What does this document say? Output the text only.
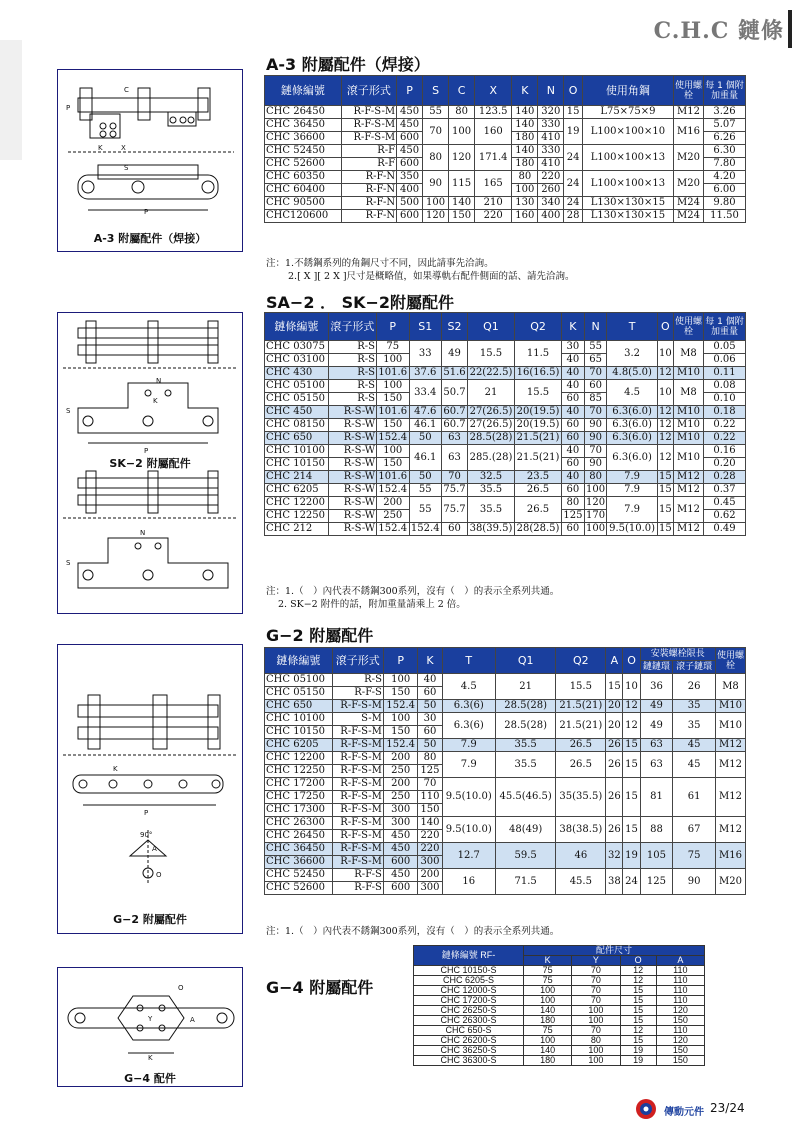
C.H.C 鏈條
A-3 附屬配件（焊接）
P
C
X
P
S
K
A-3 附屬配件（焊接）
鏈條編號	滾子形式	P	S	C	X	K	N	O	使用角鋼	使用螺栓	每 1 個附加重量
CHC 26450	R-F-S-M	450	55	80	123.5	140	320	15	L75×75×9	M12	3.26
CHC 36450	R-F-S-M	450	70	100	160	140	330	19	L100×100×10	M16	5.07
CHC 36600	R-F-S-M	600				180	410				6.26
CHC 52450	R-F	450	80	120	171.4	140	330	24	L100×100×13	M20	6.30
CHC 52600	R-F	600				180	410				7.80
CHC 60350	R-F-N	350	90	115	165	80	220	24	L100×100×13	M20	4.20
CHC 60400	R-F-N	400				100	260				6.00
CHC 90500	R-F-N	500	100	140	210	130	340	24	L130×130×15	M24	9.80
CHC120600	R-F-N	600	120	150	220	160	400	28	L130×130×15	M24	11.50
注：1.不銹鋼系列的角鋼尺寸不同，因此請事先洽詢。
2.[ X ][ 2 X ]尺寸是概略值，如果導軌右配件側面的話、請先洽詢。
SA−2 ． SK−2附屬配件
N
K
P
S
N
S
SK−2 附屬配件
鏈條編號	滾子形式	P	S1	S2	Q1	Q2	K	N	T	O	使用螺栓	每 1 個附加重量
CHC 03075	R-S	75	33	49	15.5	11.5	30	55	3.2	10	M8	0.05
CHC 03100	R-S	100					40	65				0.06
CHC 430	R-S	101.6	37.6	51.6	22(22.5)	16(16.5)	40	70	4.8(5.0)	12	M10	0.11
CHC 05100	R-S	100	33.4	50.7	21	15.5	40	60	4.5	10	M8	0.08
CHC 05150	R-S	150					60	85				0.10
CHC 450	R-S-W	101.6	47.6	60.7	27(26.5)	20(19.5)	40	70	6.3(6.0)	12	M10	0.18
CHC 08150	R-S-W	150	46.1	60.7	27(26.5)	20(19.5)	60	90	6.3(6.0)	12	M10	0.22
CHC 650	R-S-W	152.4	50	63	28.5(28)	21.5(21)	60	90	6.3(6.0)	12	M10	0.22
CHC 10100	R-S-W	100	46.1	63	285.(28)	21.5(21)	40	70	6.3(6.0)	12	M10	0.16
CHC 10150	R-S-W	150					60	90				0.20
CHC 214	R-S-W	101.6	50	70	32.5	23.5	40	80	7.9	15	M12	0.28
CHC 6205	R-S-W	152.4	55	75.7	35.5	26.5	60	100	7.9	15	M12	0.37
CHC 12200	R-S-W	200	55	75.7	35.5	26.5	80	120	7.9	15	M12	0.45
CHC 12250	R-S-W	250					125	170				0.62
CHC 212	R-S-W	152.4	152.4	60	38(39.5)	28(28.5)	60	100	9.5(10.0)	15	M12	0.49
注：1.（　）內代表不銹鋼300系列，沒有（　）的表示全系列共通。
2. SK−2 附件的話，附加重量請乘上 2 倍。
G−2 附屬配件
K
P
90°
A
O
G−2 附屬配件
鏈條編號	滾子形式	P	K	T	Q1	Q2	A	O	安裝螺栓限長		使用螺栓
									鏈鏈環	滾子鏈環	
CHC 05100	R-S	100	40	4.5	21	15.5	15	10	36	26	M8
CHC 05150	R-F-S	150	60								
CHC 650	R-F-S-M	152.4	50	6.3(6)	28.5(28)	21.5(21)	20	12	49	35	M10
CHC 10100	S-M	100	30	6.3(6)	28.5(28)	21.5(21)	20	12	49	35	M10
CHC 10150	R-F-S-M	150	60								
CHC 6205	R-F-S-M	152.4	50	7.9	35.5	26.5	26	15	63	45	M12
CHC 12200	R-F-S-M	200	80	7.9	35.5	26.5	26	15	63	45	M12
CHC 12250	R-F-S-M	250	125								
CHC 17200	R-F-S-M	200	70	9.5(10.0)	45.5(46.5)	35(35.5)	26	15	81	61	M12
CHC 17250	R-F-S-M	250	110								
CHC 17300	R-F-S-M	300	150								
CHC 26300	R-F-S-M	300	140	9.5(10.0)	48(49)	38(38.5)	26	15	88	67	M12
CHC 26450	R-F-S-M	450	220								
CHC 36450	R-F-S-M	450	220	12.7	59.5	46	32	19	105	75	M16
CHC 36600	R-F-S-M	600	300								
CHC 52450	R-F-S	450	200	16	71.5	45.5	38	24	125	90	M20
CHC 52600	R-F-S	600	300								
注：1.（　）內代表不銹鋼300系列，沒有（　）的表示全系列共通。
G−4 附屬配件
K
Y	A
O
G−4 配件
鏈條編號 RF-	配件尺寸			
	K	Y	O	A
CHC 10150-S	75	70	12	110
CHC 6205-S	75	70	12	110
CHC 12000-S	100	70	15	110
CHC 17200-S	100	70	15	110
CHC 26250-S	140	100	15	120
CHC 26300-S	180	100	15	150
CHC 650-S	75	70	12	110
CHC 26200-S	100	80	15	120
CHC 36250-S	140	100	19	150
CHC 36300-S	180	100	19	150
傳動元件 23/24
